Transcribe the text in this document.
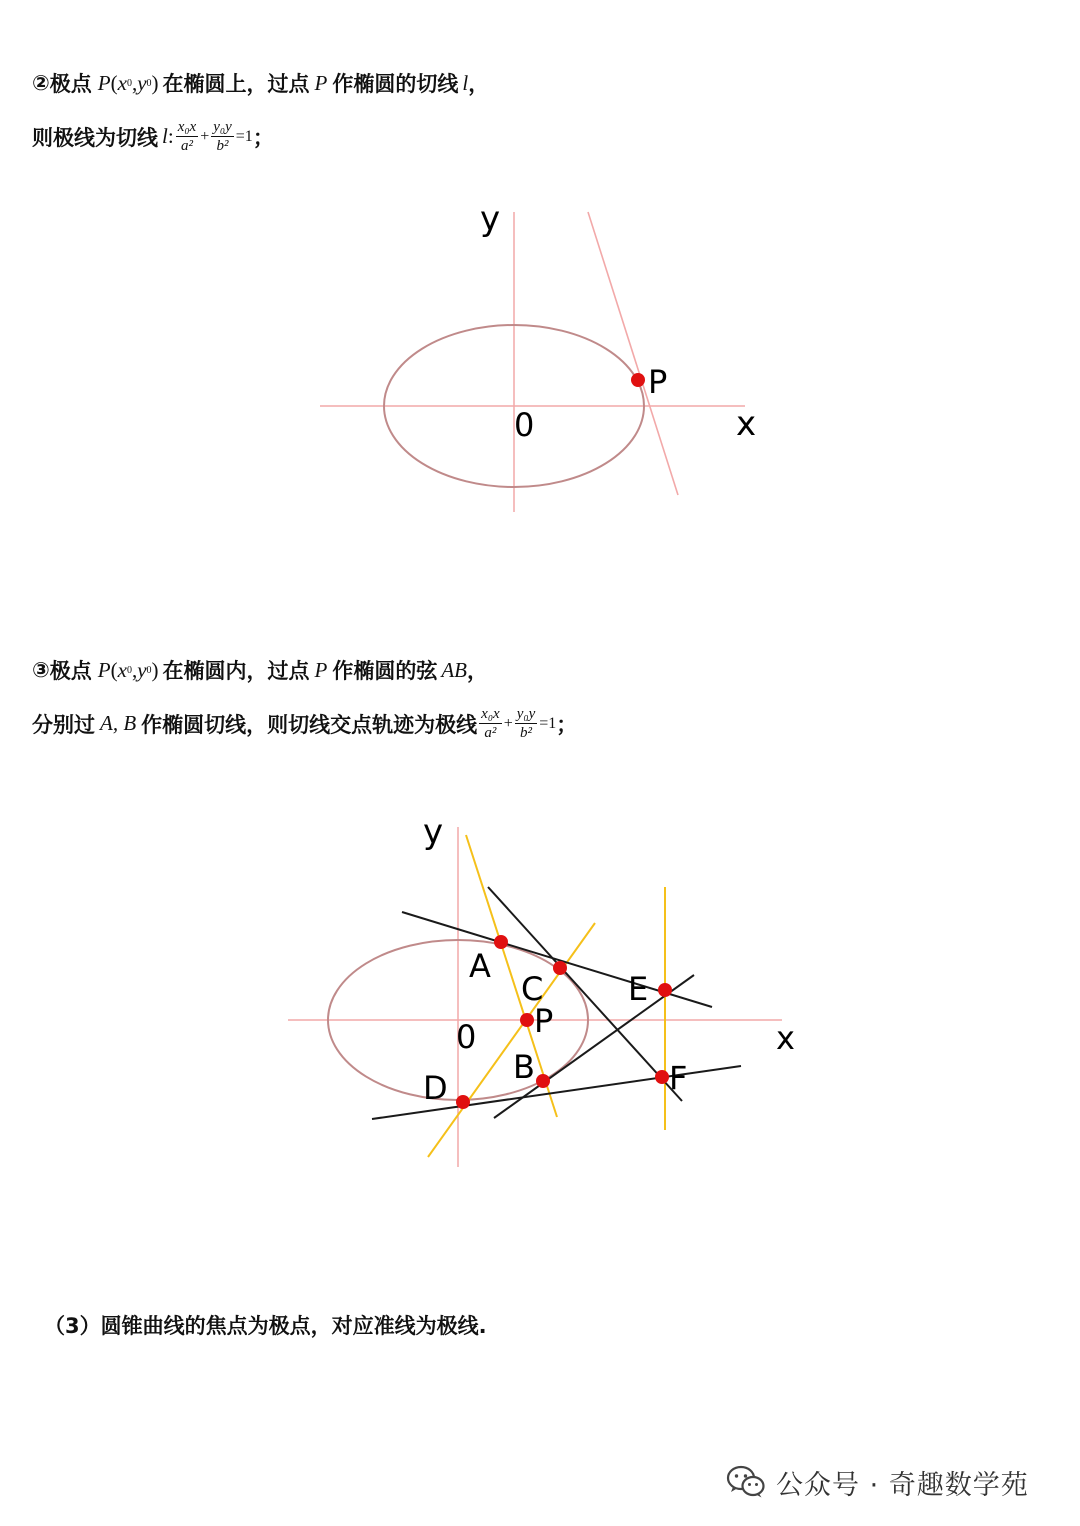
② 极点 P ( x 0 , y 0 ) 在椭圆上，过点 P 作椭圆的切线 l ，
则极线为切线 l : $\frac{\text{x₀x}}{\text{a²}} + \frac{\text{y₀y}}{\text{b²}} =1$ ；
y
x
0
P
③ 极点 P ( x 0 , y 0 ) 在椭圆内，过点 P 作椭圆的弦 AB ，
分别过 A, B 作椭圆切线，则切线交点轨迹为极线 $\frac{\text{x₀x}}{\text{a²}} + \frac{\text{y₀y}}{\text{b²}} =1$ ；
y
x
0
A
C
P
B
D
E
F
（3）圆锥曲线的焦点为极点，对应准线为极线.
公众号 · 奇趣数学苑
